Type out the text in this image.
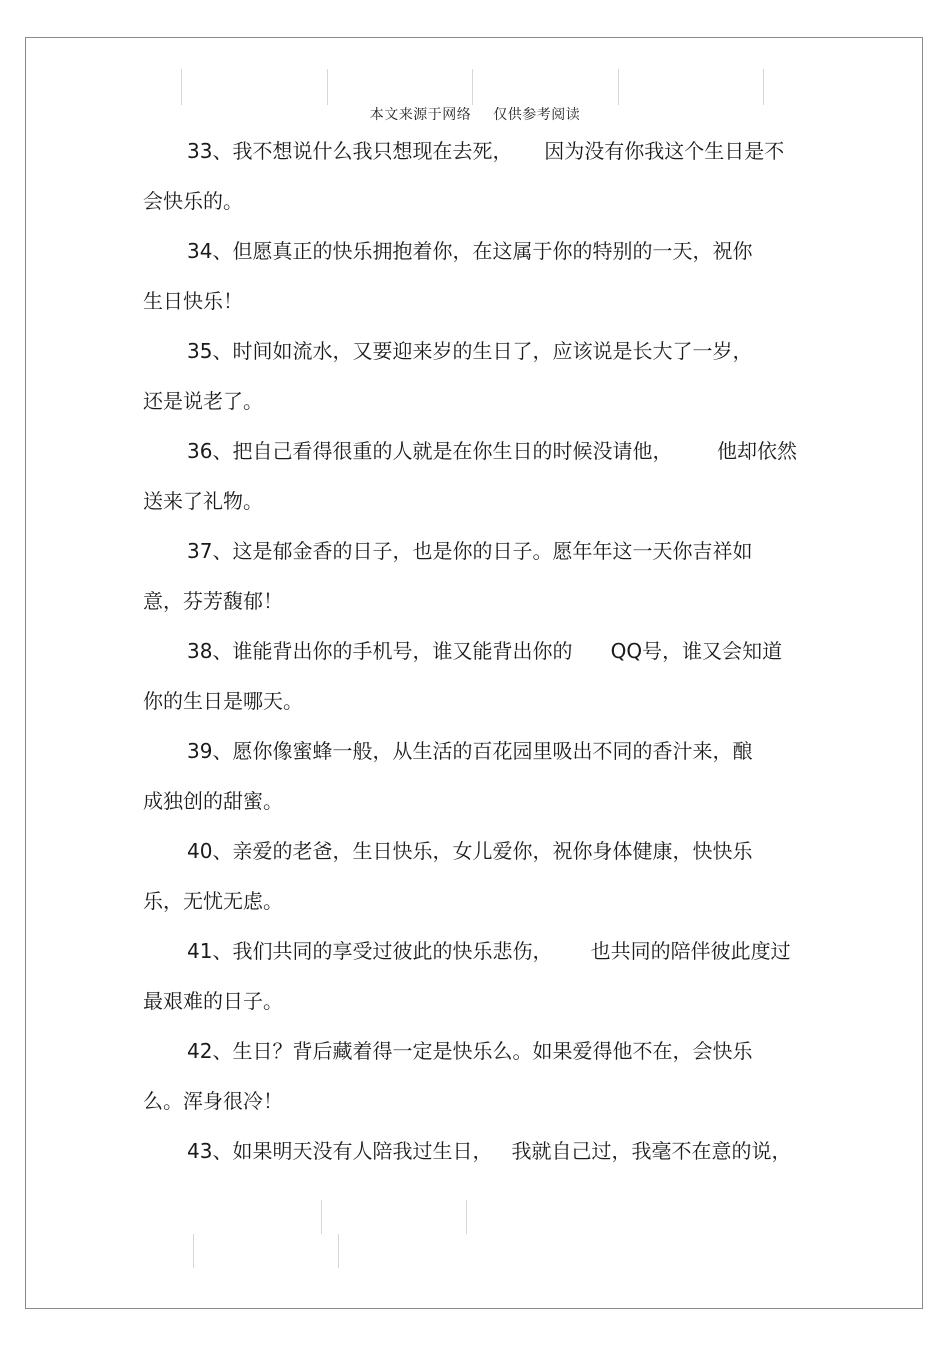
本文来源于网络 仅供参考阅读
33、我不想说什么我只想现在去死，     因为没有你我这个生日是不
会快乐的。
34、但愿真正的快乐拥抱着你，在这属于你的特别的一天，祝你
生日快乐！
35、时间如流水，又要迎来岁的生日了，应该说是长大了一岁，
还是说老了。
36、把自己看得很重的人就是在你生日的时候没请他，       他却依然
送来了礼物。
37、这是郁金香的日子，也是你的日子。愿年年这一天你吉祥如
意，芬芳馥郁！
38、谁能背出你的手机号，谁又能背出你的      QQ号，谁又会知道
你的生日是哪天。
39、愿你像蜜蜂一般，从生活的百花园里吸出不同的香汁来，酿
成独创的甜蜜。
40、亲爱的老爸，生日快乐，女儿爱你，祝你身体健康，快快乐
乐，无忧无虑。
41、我们共同的享受过彼此的快乐悲伤，      也共同的陪伴彼此度过
最艰难的日子。
42、生日？背后藏着得一定是快乐么。如果爱得他不在，会快乐
么。浑身很冷！
43、如果明天没有人陪我过生日，   我就自己过，我毫不在意的说，
